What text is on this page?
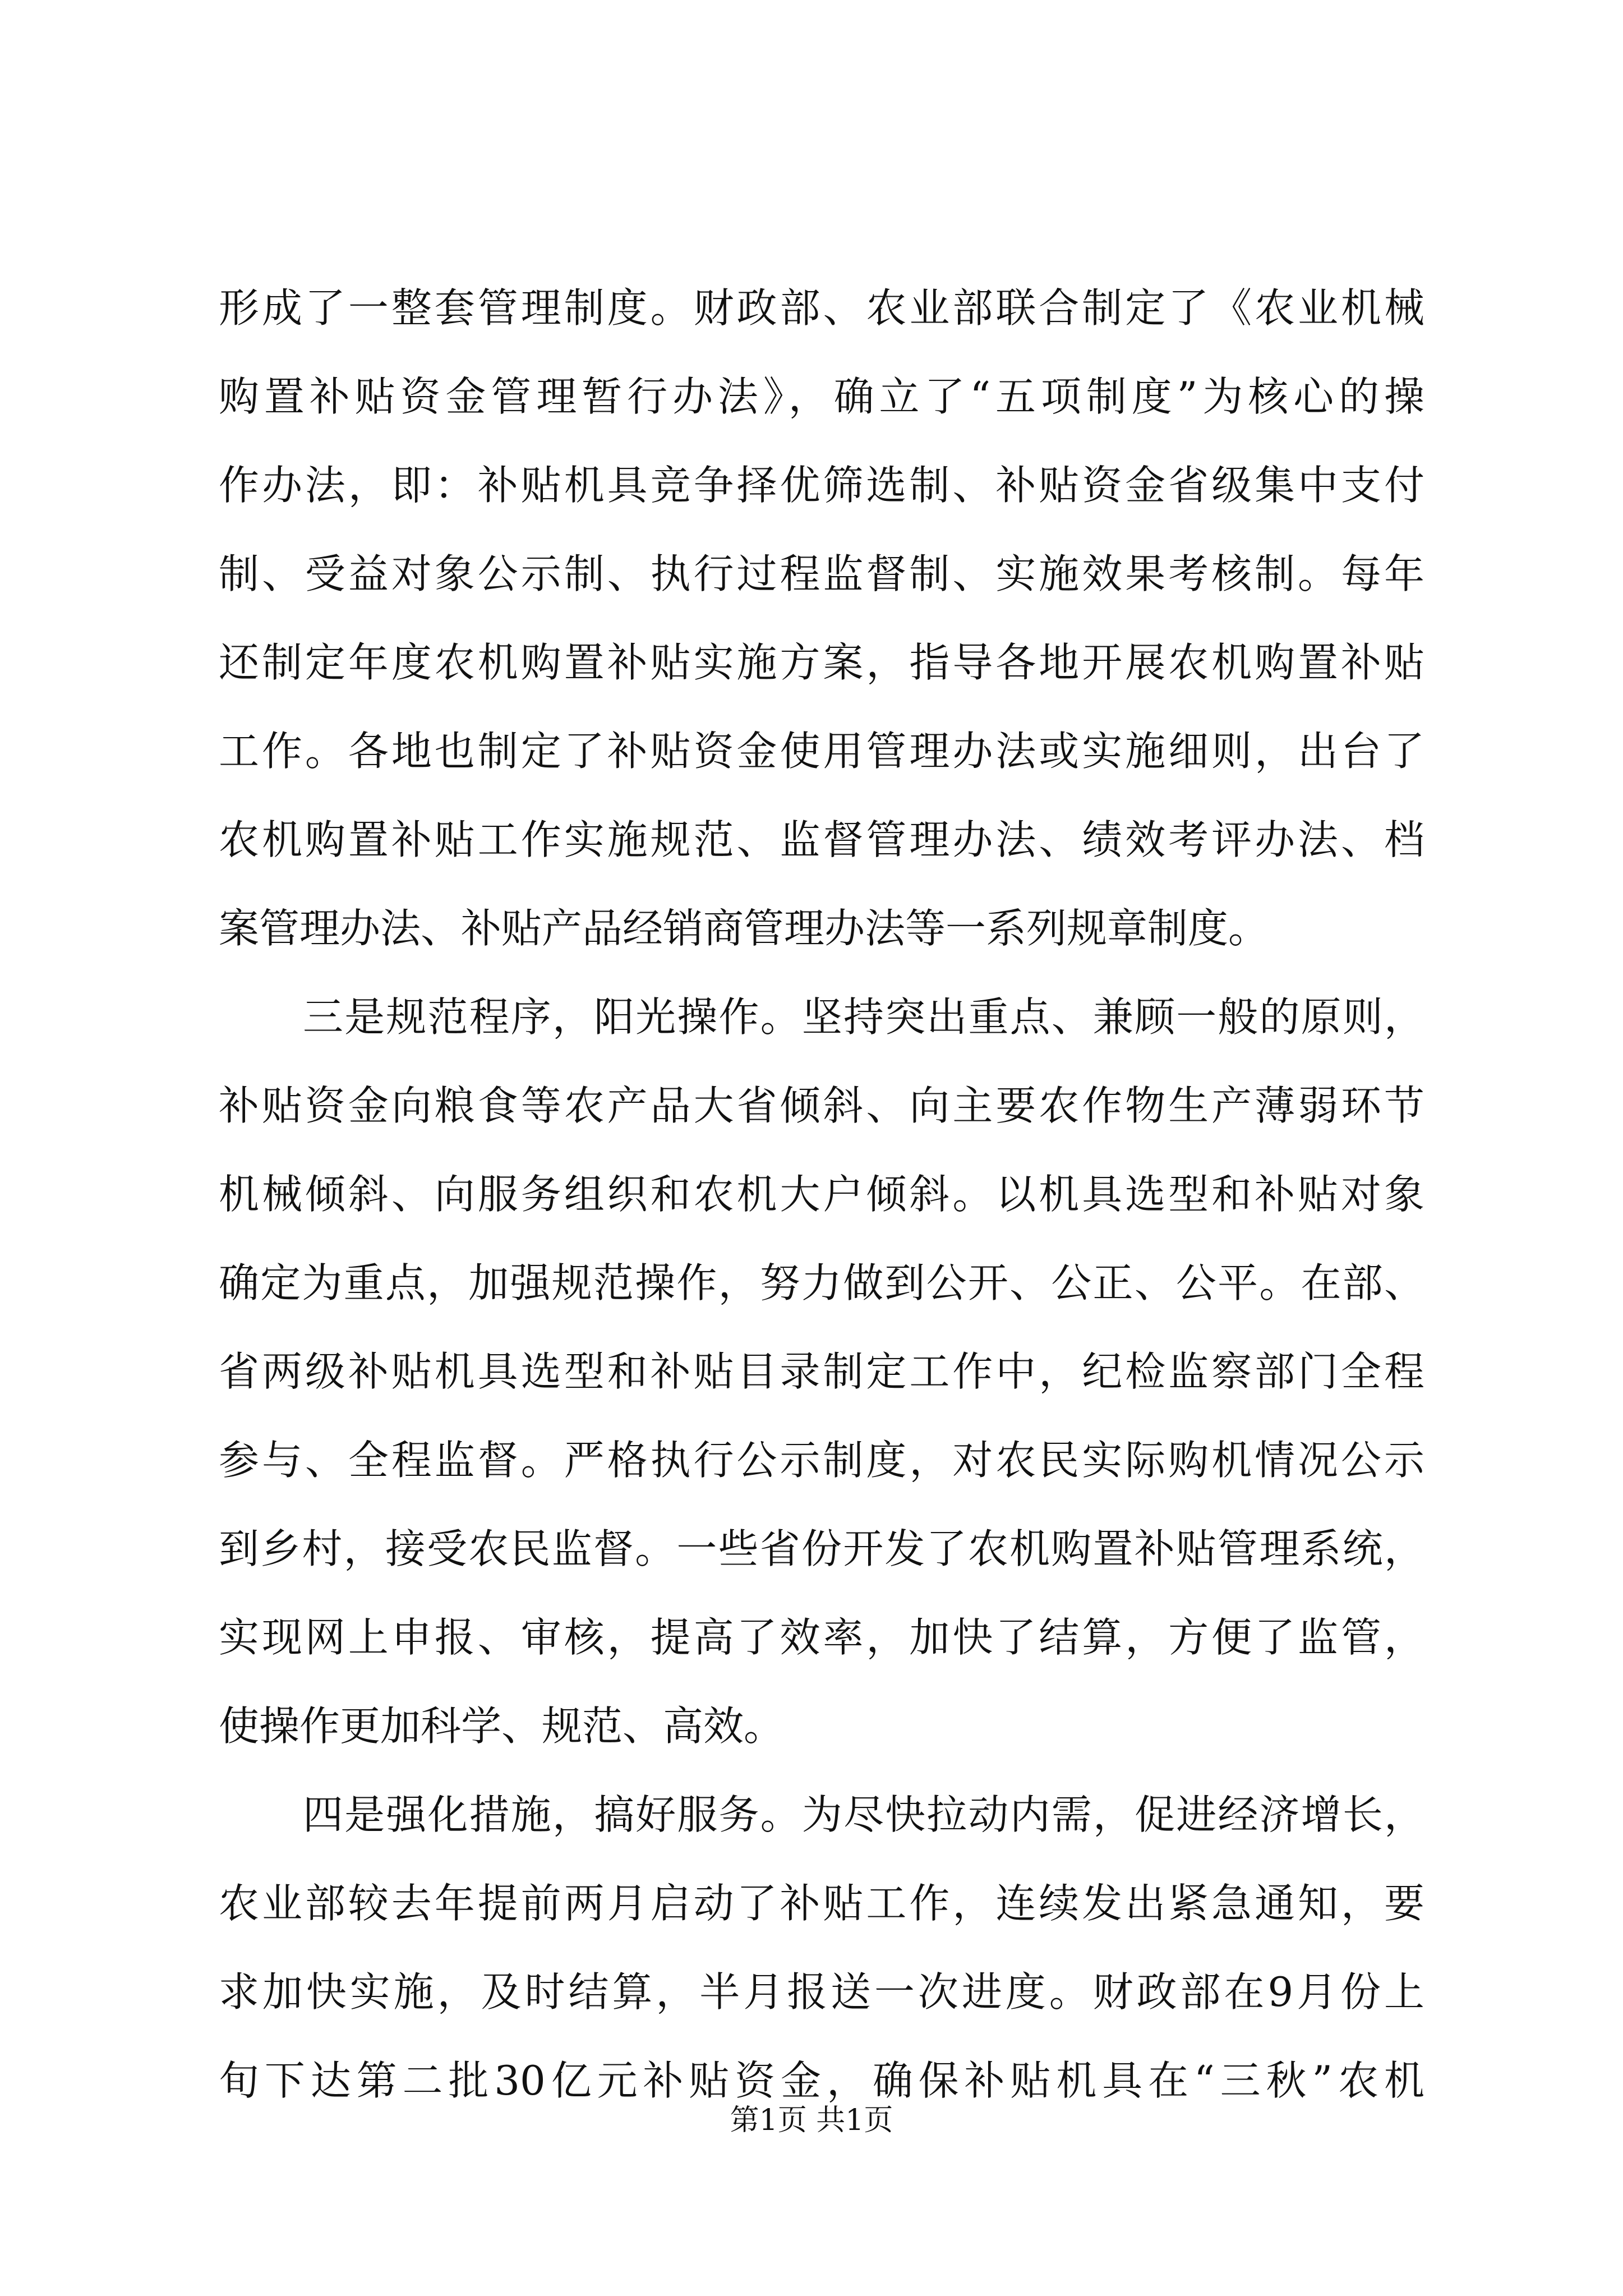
形成了一整套管理制度。财政部、农业部联合制定了《农业机械
购置补贴资金管理暂行办法》，确立了“五项制度”为核心的操
作办法，即：补贴机具竞争择优筛选制、补贴资金省级集中支付
制、受益对象公示制、执行过程监督制、实施效果考核制。每年
还制定年度农机购置补贴实施方案，指导各地开展农机购置补贴
工作。各地也制定了补贴资金使用管理办法或实施细则，出台了
农机购置补贴工作实施规范、监督管理办法、绩效考评办法、档
案管理办法、补贴产品经销商管理办法等一系列规章制度。
三是规范程序，阳光操作。坚持突出重点、兼顾一般的原则，
补贴资金向粮食等农产品大省倾斜、向主要农作物生产薄弱环节
机械倾斜、向服务组织和农机大户倾斜。以机具选型和补贴对象
确定为重点，加强规范操作，努力做到公开、公正、公平。在部、
省两级补贴机具选型和补贴目录制定工作中，纪检监察部门全程
参与、全程监督。严格执行公示制度，对农民实际购机情况公示
到乡村，接受农民监督。一些省份开发了农机购置补贴管理系统，
实现网上申报、审核，提高了效率，加快了结算，方便了监管，
使操作更加科学、规范、高效。
四是强化措施，搞好服务。为尽快拉动内需，促进经济增长，
农业部较去年提前两月启动了补贴工作，连续发出紧急通知，要
求加快实施，及时结算，半月报送一次进度。财政部在9月份上
旬下达第二批30亿元补贴资金，确保补贴机具在“三秋”农机
第1页 共1页
